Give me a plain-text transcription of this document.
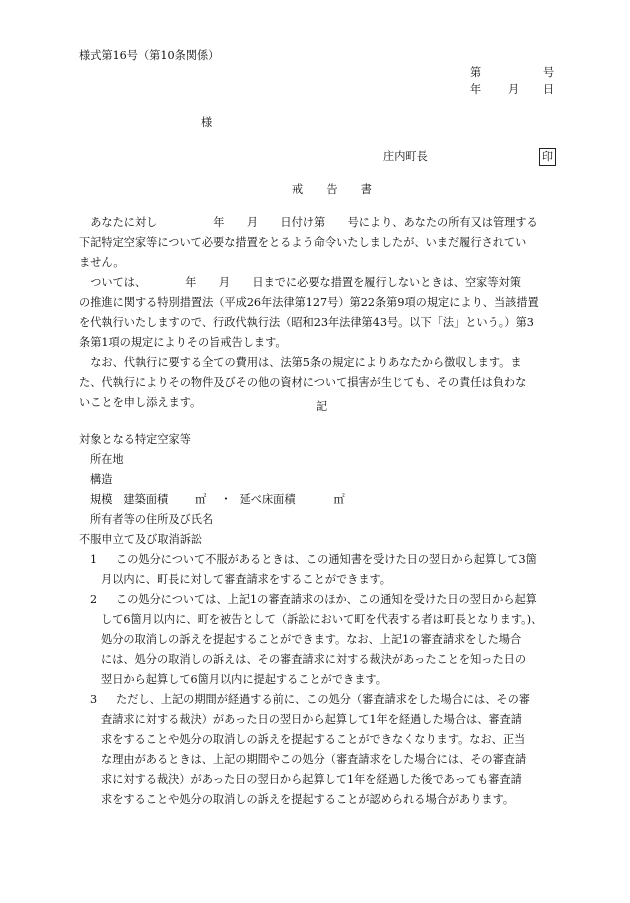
様式第16号（第10条関係）
第	号
年 月 日
様
庄内町長	印
戒　告　書
　あなたに対し　　　　　年　　月　　日付け第　　号により、あなたの所有又は管理する
下記特定空家等について必要な措置をとるよう命令いたしましたが、いまだ履行されてい
ません。
　ついては、　　　　年　　月　　日までに必要な措置を履行しないときは、空家等対策
の推進に関する特別措置法（平成26年法律第127号）第22条第9項の規定により、当該措置
を代執行いたしますので、行政代執行法（昭和23年法律第43号。以下「法」という。）第3
条第1項の規定によりその旨戒告します。
　なお、代執行に要する全ての費用は、法第5条の規定によりあなたから徴収します。ま
た、代執行によりその物件及びその他の資材について損害が生じても、その責任は負わな
いことを申し添えます。	記
対象となる特定空家等
所在地
構造
規模 建築面積 ㎡ ・ 延べ床面積	㎡
所有者等の住所及び氏名
不服申立て及び取消訴訟
1 この処分について不服があるときは、この通知書を受けた日の翌日から起算して3箇
月以内に、町長に対して審査請求をすることができます。
2 この処分については、上記1の審査請求のほか、この通知を受けた日の翌日から起算
して6箇月以内に、町を被告として（訴訟において町を代表する者は町長となります。)、
処分の取消しの訴えを提起することができます。なお、上記1の審査請求をした場合
には、処分の取消しの訴えは、その審査請求に対する裁決があったことを知った日の
翌日から起算して6箇月以内に提起することができます。
3 ただし、上記の期間が経過する前に、この処分（審査請求をした場合には、その審
査請求に対する裁決）があった日の翌日から起算して1年を経過した場合は、審査請
求をすることや処分の取消しの訴えを提起することができなくなります。なお、正当
な理由があるときは、上記の期間やこの処分（審査請求をした場合には、その審査請
求に対する裁決）があった日の翌日から起算して1年を経過した後であっても審査請
求をすることや処分の取消しの訴えを提起することが認められる場合があります。
